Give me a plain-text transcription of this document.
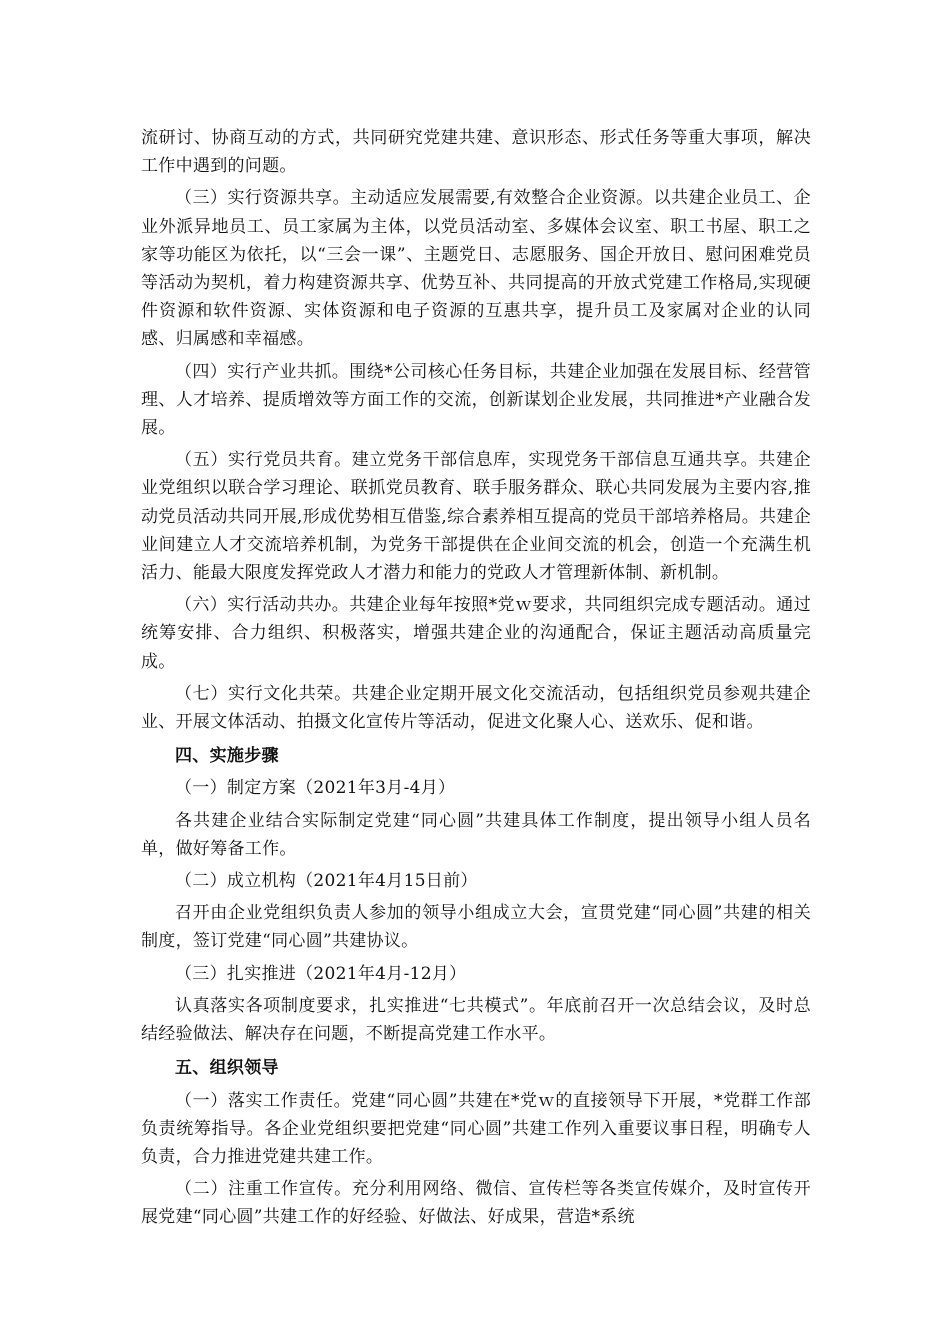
流研讨、协商互动的方式，共同研究党建共建、意识形态、形式任务等重大事项，解决工作中遇到的问题。

（三）实行资源共享。主动适应发展需要,有效整合企业资源。以共建企业员工、企业外派异地员工、员工家属为主体，以党员活动室、多媒体会议室、职工书屋、职工之家等功能区为依托，以“三会一课”、主题党日、志愿服务、国企开放日、慰问困难党员等活动为契机，着力构建资源共享、优势互补、共同提高的开放式党建工作格局,实现硬件资源和软件资源、实体资源和电子资源的互惠共享，提升员工及家属对企业的认同感、归属感和幸福感。

（四）实行产业共抓。围绕*公司核心任务目标，共建企业加强在发展目标、经营管理、人才培养、提质增效等方面工作的交流，创新谋划企业发展，共同推进*产业融合发展。

（五）实行党员共育。建立党务干部信息库，实现党务干部信息互通共享。共建企业党组织以联合学习理论、联抓党员教育、联手服务群众、联心共同发展为主要内容,推动党员活动共同开展,形成优势相互借鉴,综合素养相互提高的党员干部培养格局。共建企业间建立人才交流培养机制，为党务干部提供在企业间交流的机会，创造一个充满生机活力、能最大限度发挥党政人才潜力和能力的党政人才管理新体制、新机制。

（六）实行活动共办。共建企业每年按照*党ｗ要求，共同组织完成专题活动。通过统筹安排、合力组织、积极落实，增强共建企业的沟通配合，保证主题活动高质量完成。

（七）实行文化共荣。共建企业定期开展文化交流活动，包括组织党员参观共建企业、开展文体活动、拍摄文化宣传片等活动，促进文化聚人心、送欢乐、促和谐。

四、实施步骤

（一）制定方案（2021年3月-4月）

各共建企业结合实际制定党建“同心圆”共建具体工作制度，提出领导小组人员名单，做好筹备工作。

（二）成立机构（2021年4月15日前）

召开由企业党组织负责人参加的领导小组成立大会，宣贯党建“同心圆”共建的相关制度，签订党建“同心圆”共建协议。

（三）扎实推进（2021年4月-12月）

认真落实各项制度要求，扎实推进“七共模式”。年底前召开一次总结会议，及时总结经验做法、解决存在问题，不断提高党建工作水平。

五、组织领导

（一）落实工作责任。党建“同心圆”共建在*党ｗ的直接领导下开展，*党群工作部负责统筹指导。各企业党组织要把党建“同心圆”共建工作列入重要议事日程，明确专人负责，合力推进党建共建工作。

（二）注重工作宣传。充分利用网络、微信、宣传栏等各类宣传媒介，及时宣传开展党建“同心圆”共建工作的好经验、好做法、好成果，营造*系统
